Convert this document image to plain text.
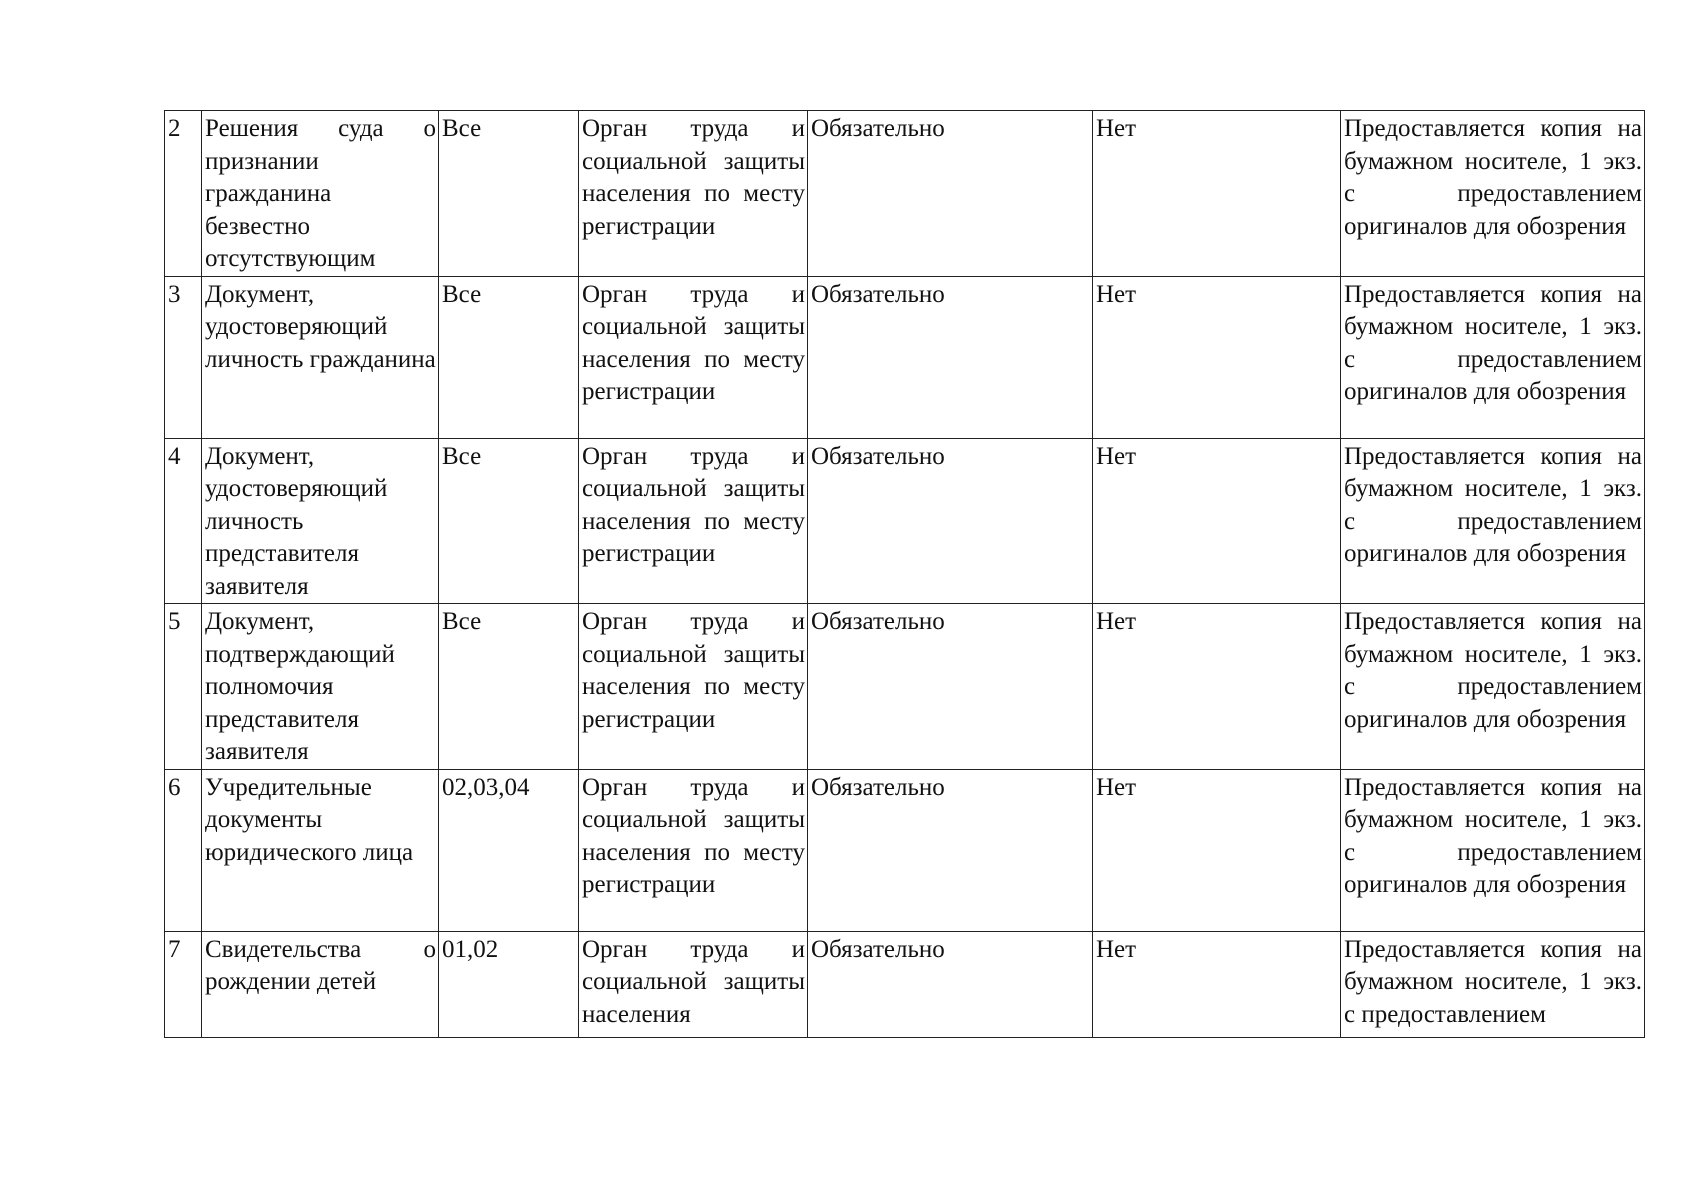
2	Решения суда о признании гражданина безвестно отсутствующим	Все	Орган труда и социальной защиты населения по месту регистрации	Обязательно	Нет	Предоставляется копия на бумажном носителе, 1 экз. с предоставлением оригиналов для обозрения

3	Документ, удостоверяющий личность гражданина	Все	Орган труда и социальной защиты населения по месту регистрации	Обязательно	Нет	Предоставляется копия на бумажном носителе, 1 экз. с предоставлением оригиналов для обозрения

4	Документ, удостоверяющий личность представителя заявителя	Все	Орган труда и социальной защиты населения по месту регистрации	Обязательно	Нет	Предоставляется копия на бумажном носителе, 1 экз. с предоставлением оригиналов для обозрения

5	Документ, подтверждающий полномочия представителя заявителя	Все	Орган труда и социальной защиты населения по месту регистрации	Обязательно	Нет	Предоставляется копия на бумажном носителе, 1 экз. с предоставлением оригиналов для обозрения

6	Учредительные документы юридического лица	02,03,04	Орган труда и социальной защиты населения по месту регистрации	Обязательно	Нет	Предоставляется копия на бумажном носителе, 1 экз. с предоставлением оригиналов для обозрения

7	Свидетельства о рождении детей	01,02	Орган труда и социальной защиты населения	Обязательно	Нет	Предоставляется копия на бумажном носителе, 1 экз. с предоставлением
